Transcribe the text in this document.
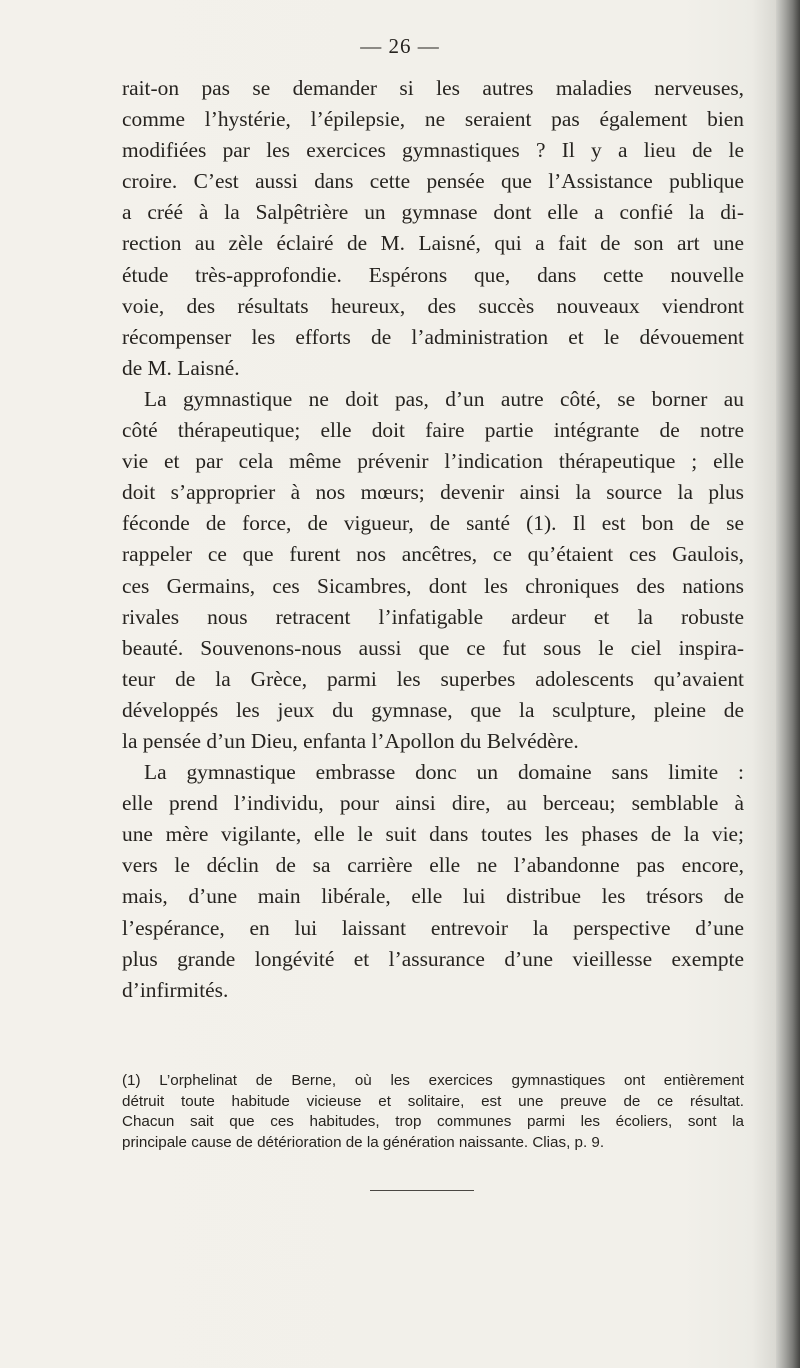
— 26 —
rait-on pas se demander si les autres maladies nerveuses,
comme l’hystérie, l’épilepsie, ne seraient pas également bien
modifiées par les exercices gymnastiques ? Il y a lieu de le
croire. C’est aussi dans cette pensée que l’Assistance publique
a créé à la Salpêtrière un gymnase dont elle a confié la di-
rection au zèle éclairé de M. Laisné, qui a fait de son art une
étude très-approfondie. Espérons que, dans cette nouvelle
voie, des résultats heureux, des succès nouveaux viendront
récompenser les efforts de l’administration et le dévouement
de M. Laisné.
La gymnastique ne doit pas, d’un autre côté, se borner au
côté thérapeutique; elle doit faire partie intégrante de notre
vie et par cela même prévenir l’indication thérapeutique ; elle
doit s’approprier à nos mœurs; devenir ainsi la source la plus
féconde de force, de vigueur, de santé (1). Il est bon de se
rappeler ce que furent nos ancêtres, ce qu’étaient ces Gaulois,
ces Germains, ces Sicambres, dont les chroniques des nations
rivales nous retracent l’infatigable ardeur et la robuste
beauté. Souvenons-nous aussi que ce fut sous le ciel inspira-
teur de la Grèce, parmi les superbes adolescents qu’avaient
développés les jeux du gymnase, que la sculpture, pleine de
la pensée d’un Dieu, enfanta l’Apollon du Belvédère.
La gymnastique embrasse donc un domaine sans limite :
elle prend l’individu, pour ainsi dire, au berceau; semblable à
une mère vigilante, elle le suit dans toutes les phases de la vie;
vers le déclin de sa carrière elle ne l’abandonne pas encore,
mais, d’une main libérale, elle lui distribue les trésors de
l’espérance, en lui laissant entrevoir la perspective d’une
plus grande longévité et l’assurance d’une vieillesse exempte
d’infirmités.
(1) L’orphelinat de Berne, où les exercices gymnastiques ont entièrement
détruit toute habitude vicieuse et solitaire, est une preuve de ce résultat.
Chacun sait que ces habitudes, trop communes parmi les écoliers, sont la
principale cause de détérioration de la génération naissante. Clias, p. 9.
